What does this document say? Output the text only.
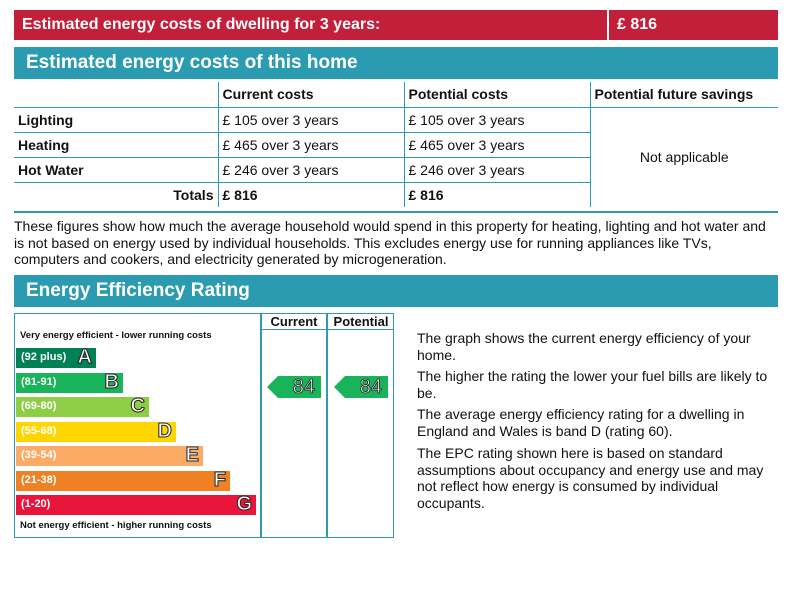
Estimated energy costs of dwelling for 3 years:	£ 816
Estimated energy costs of this home
	Current costs	Potential costs	Potential future savings
Lighting	£ 105 over 3 years	£ 105 over 3 years	Not applicable
Heating	£ 465 over 3 years	£ 465 over 3 years	
Hot Water	£ 246 over 3 years	£ 246 over 3 years	
Totals	£ 816	£ 816	
These figures show how much the average household would spend in this property for heating, lighting and hot water and is not based on energy used by individual households. This excludes energy use for running appliances like TVs, computers and cookers, and electricity generated by microgeneration.
Energy Efficiency Rating
Current	Potential
Very energy efficient - lower running costs
Not energy efficient - higher running costs
(92 plus) A
(81-91) B
(69-80)	C
(55-68)	D
(39-54)	E
(21-38)	F
(1-20)	G
84 84
The graph shows the current energy efficiency of your home.
The higher the rating the lower your fuel bills are likely to be.
The average energy efficiency rating for a dwelling in England and Wales is band D (rating 60).
The EPC rating shown here is based on standard assumptions about occupancy and energy use and may not reflect how energy is consumed by individual occupants.
